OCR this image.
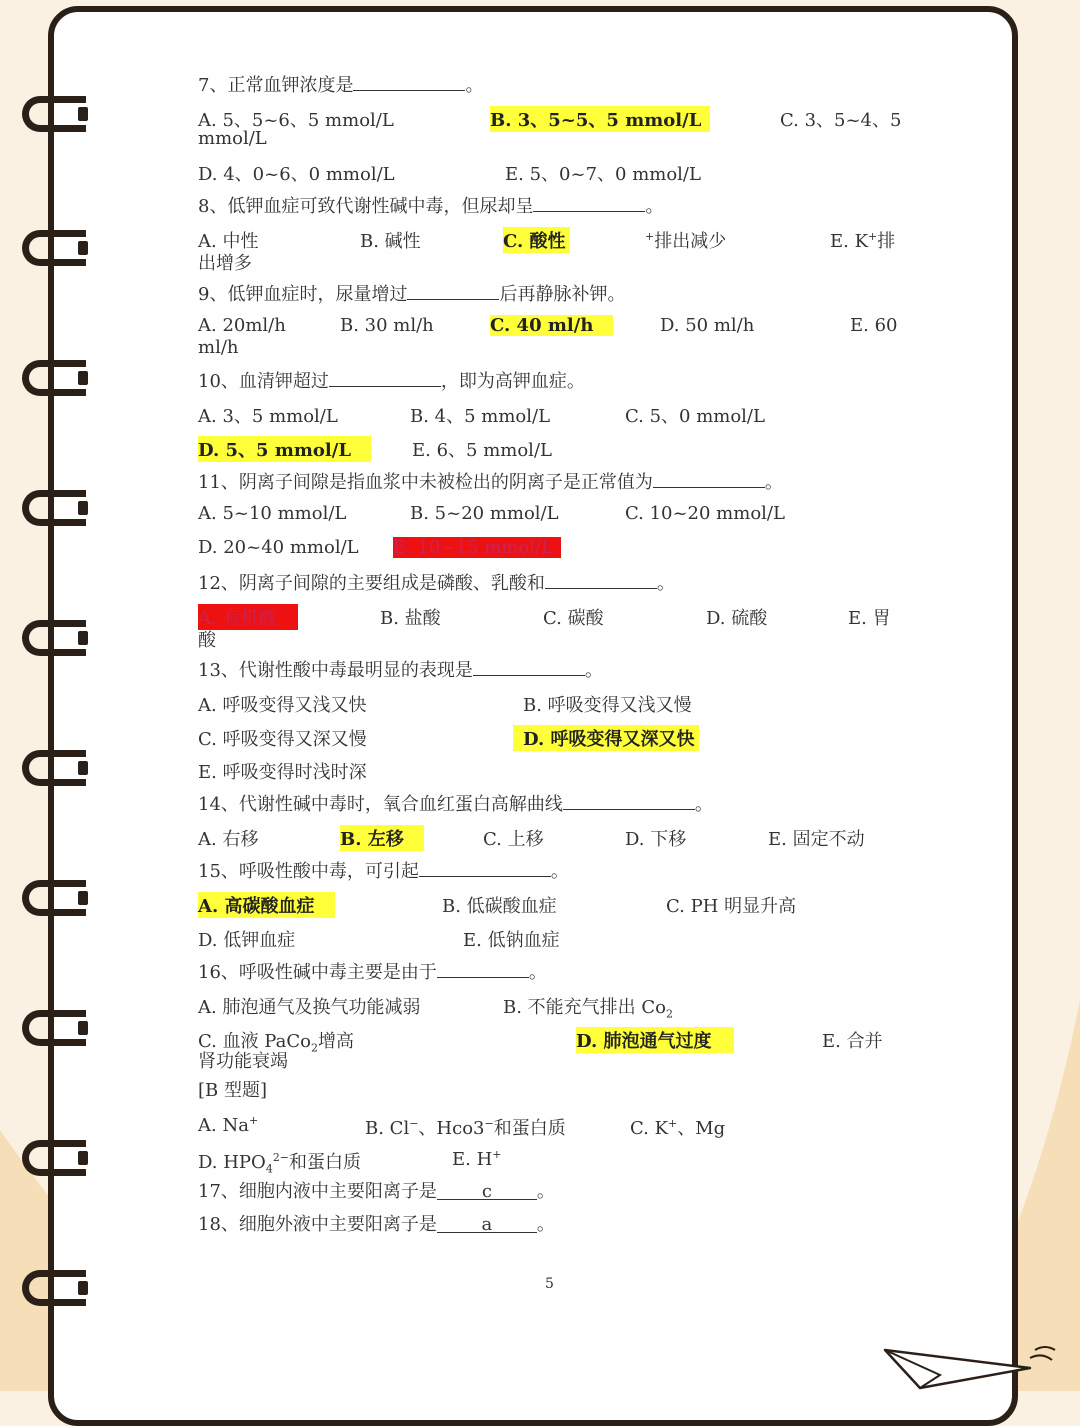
7、正常血钾浓度是	。
A. 5、5~6、5 mmol/L	B. 3、5~5、5 mmol/L	C. 3、5~4、5
mmol/L
D. 4、0~6、0 mmol/L	E. 5、0~7、0 mmol/L
8、低钾血症可致代谢性碱中毒，但尿却呈	。
A. 中性	B. 碱性	C. 酸性	+排出减少	E. K+排
出增多
9、低钾血症时，尿量增过	后再静脉补钾。
A. 20ml/h	B. 30 ml/h	C. 40 ml/h	D. 50 ml/h	E. 60
ml/h
10、血清钾超过	，即为高钾血症。
A. 3、5 mmol/L	B. 4、5 mmol/L	C. 5、0 mmol/L
D. 5、5 mmol/L	E. 6、5 mmol/L
11、阴离子间隙是指血浆中未被检出的阴离子是正常值为	。
A. 5~10 mmol/L	B. 5~20 mmol/L	C. 10~20 mmol/L
D. 20~40 mmol/L E. 10~15 mmol/L
12、阴离子间隙的主要组成是磷酸、乳酸和	。
A. 有机酸	B. 盐酸	C. 碳酸	D. 硫酸	E. 胃
酸
13、代谢性酸中毒最明显的表现是	。
A. 呼吸变得又浅又快	B. 呼吸变得又浅又慢
C. 呼吸变得又深又慢	D. 呼吸变得又深又快
E. 呼吸变得时浅时深
14、代谢性碱中毒时，氧合血红蛋白高解曲线	。
A. 右移	B. 左移	C. 上移	D. 下移	E. 固定不动
15、呼吸性酸中毒，可引起	。
A. 高碳酸血症	B. 低碳酸血症	C. PH 明显升高
D. 低钾血症	E. 低钠血症
16、呼吸性碱中毒主要是由于	。
A. 肺泡通气及换气功能减弱	B. 不能充气排出 $Co_2$
C. 血液 PaCo$_2$增高	D. 肺泡通气过度	E. 合并
肾功能衰竭
[B 型题]
A. Na+	B. Cl−、Hco3−和蛋白质	C. K+、Mg
D. $HPO_4^{2-}$和蛋白质	E. H+
17、细胞内液中主要阳离子是 c 。
18、细胞外液中主要阳离子是 a 。
5
